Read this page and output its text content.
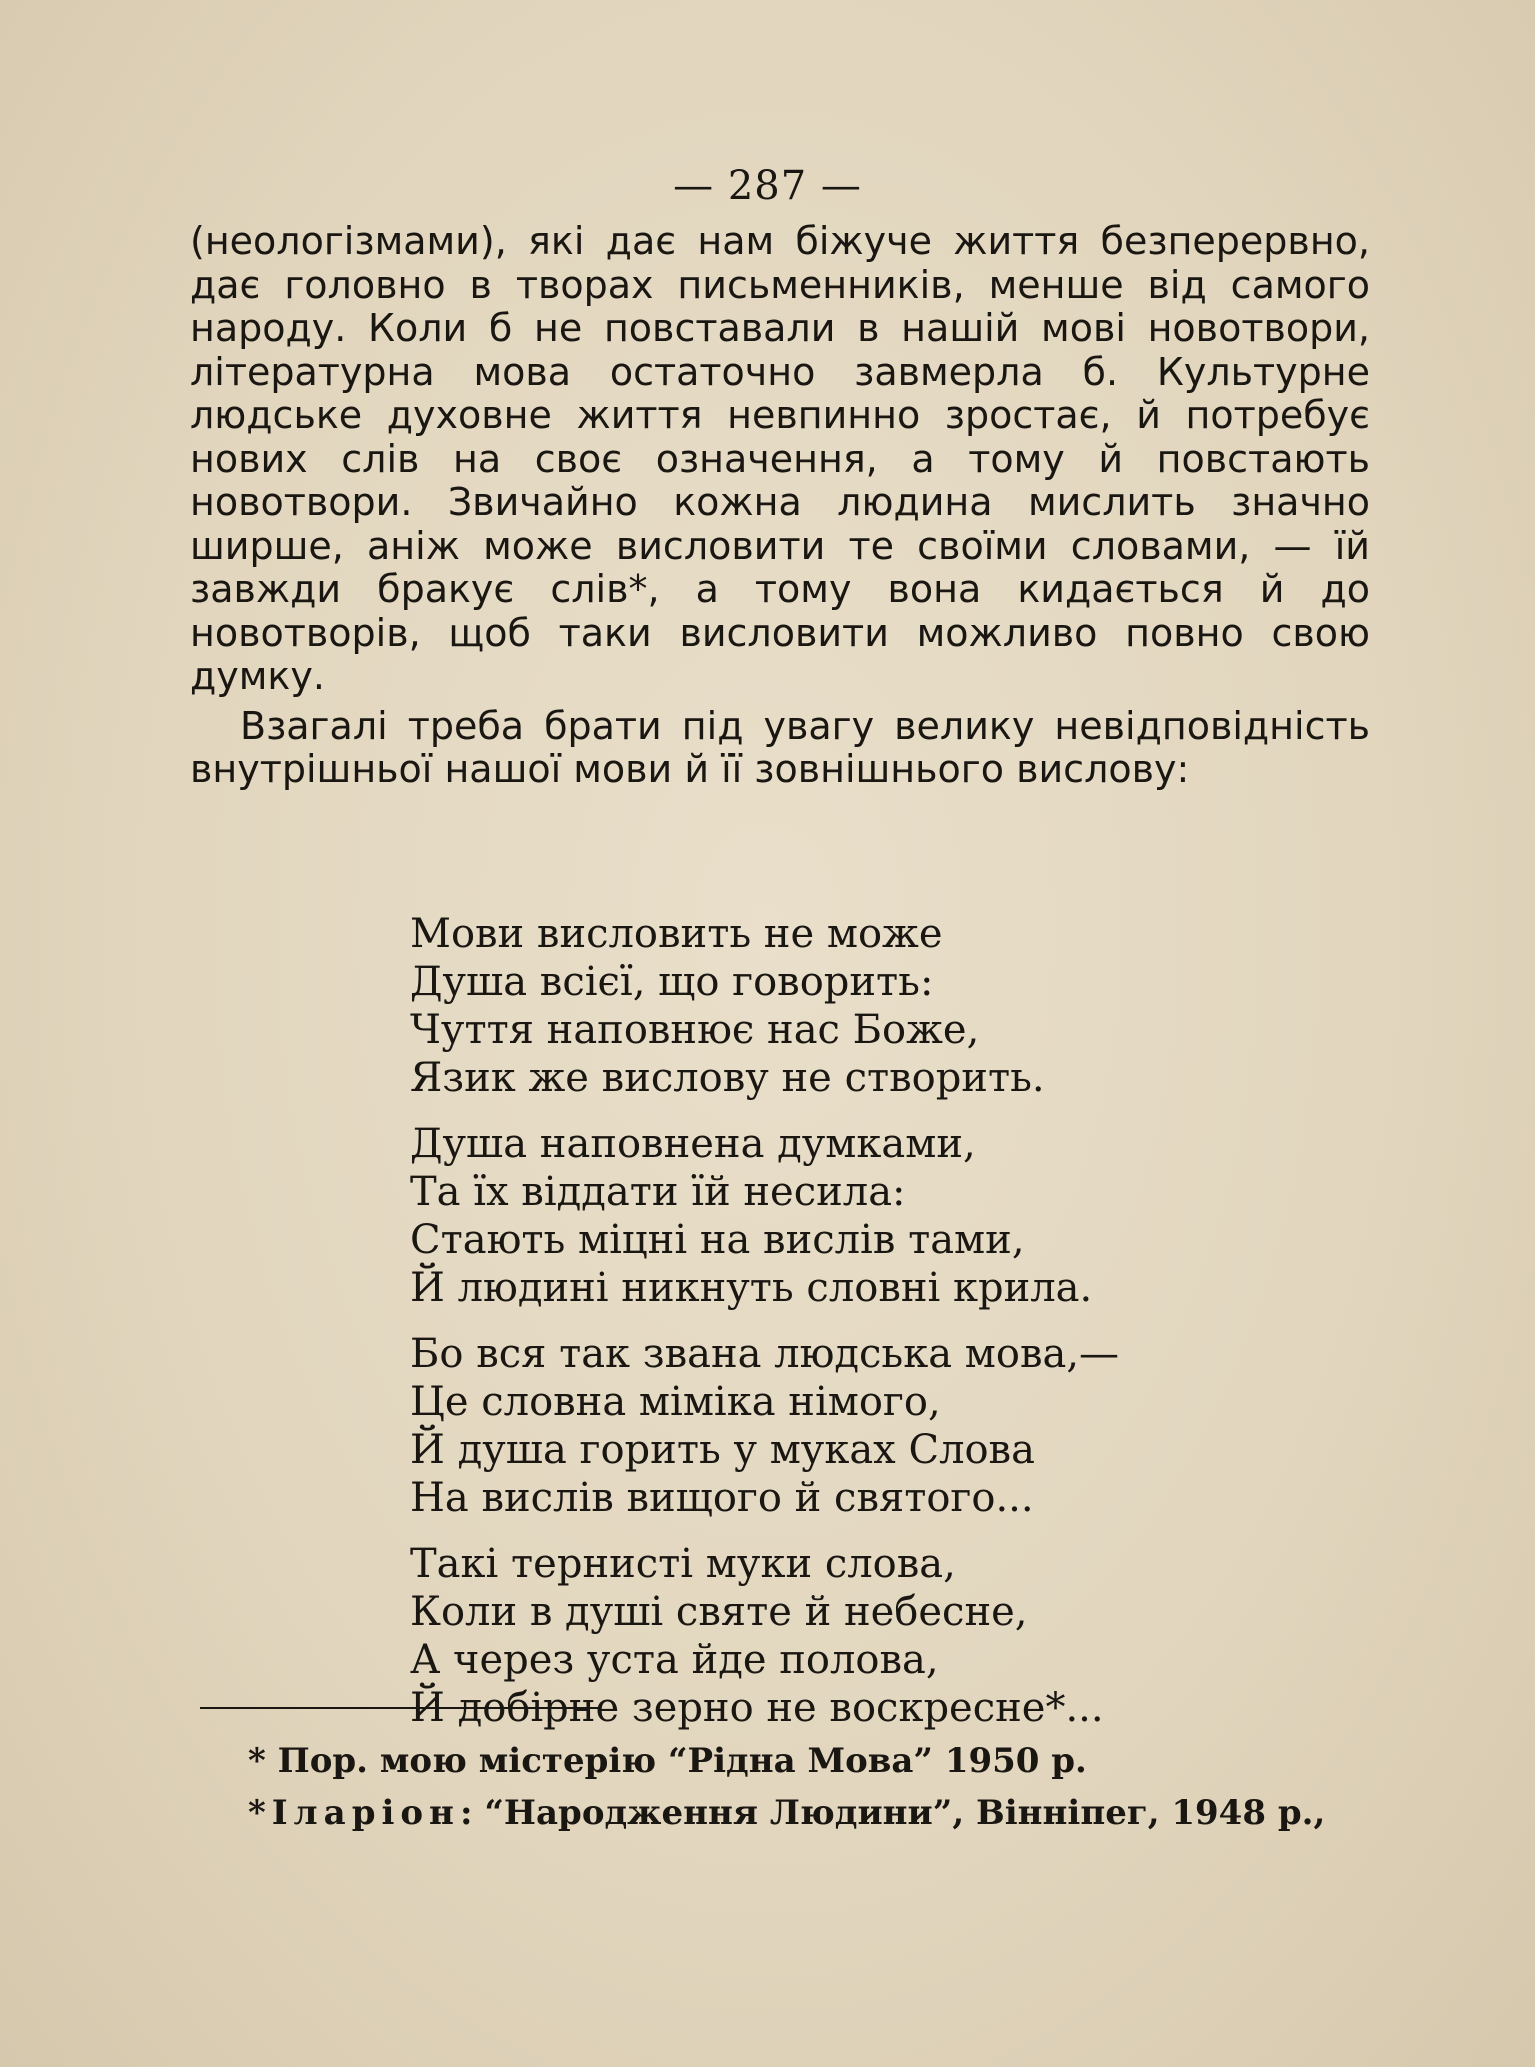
— 287 —

(неологізмами), які дає нам біжуче життя безперервно, дає головно в творах письменників, менше від самого народу. Коли б не повставали в нашій мові новотвори, літературна мова остаточно завмерла б. Культурне людське духовне життя невпинно зростає, й потребує нових слів на своє означення, а тому й повстають новотвори. Звичайно кожна людина мислить значно ширше, аніж може висловити те своїми словами, — їй завжди бракує слів*, а тому вона кидається й до новотворів, щоб таки висловити можливо повно свою думку.

Взагалі треба брати під увагу велику невідповідність внутрішньої нашої мови й її зовнішнього вислову:

Мови висловить не може
Душа всієї, що говорить:
Чуття наповнює нас Боже,
Язик же вислову не створить.
Душа наповнена думками,
Та їх віддати їй несила:
Стають міцні на вислів тами,
Й людині никнуть словні крила.
Бо вся так звана людська мова,—
Це словна міміка німого,
Й душа горить у муках Слова
На вислів вищого й святого...
Такі тернисті муки слова,
Коли в душі святе й небесне,
А через уста йде полова,
Й добірне зерно не воскресне*...
* Пор. мою містерію “Рідна Мова” 1950 р.
*Іларіон: “Народження Людини”, Вінніпег, 1948 р.,
